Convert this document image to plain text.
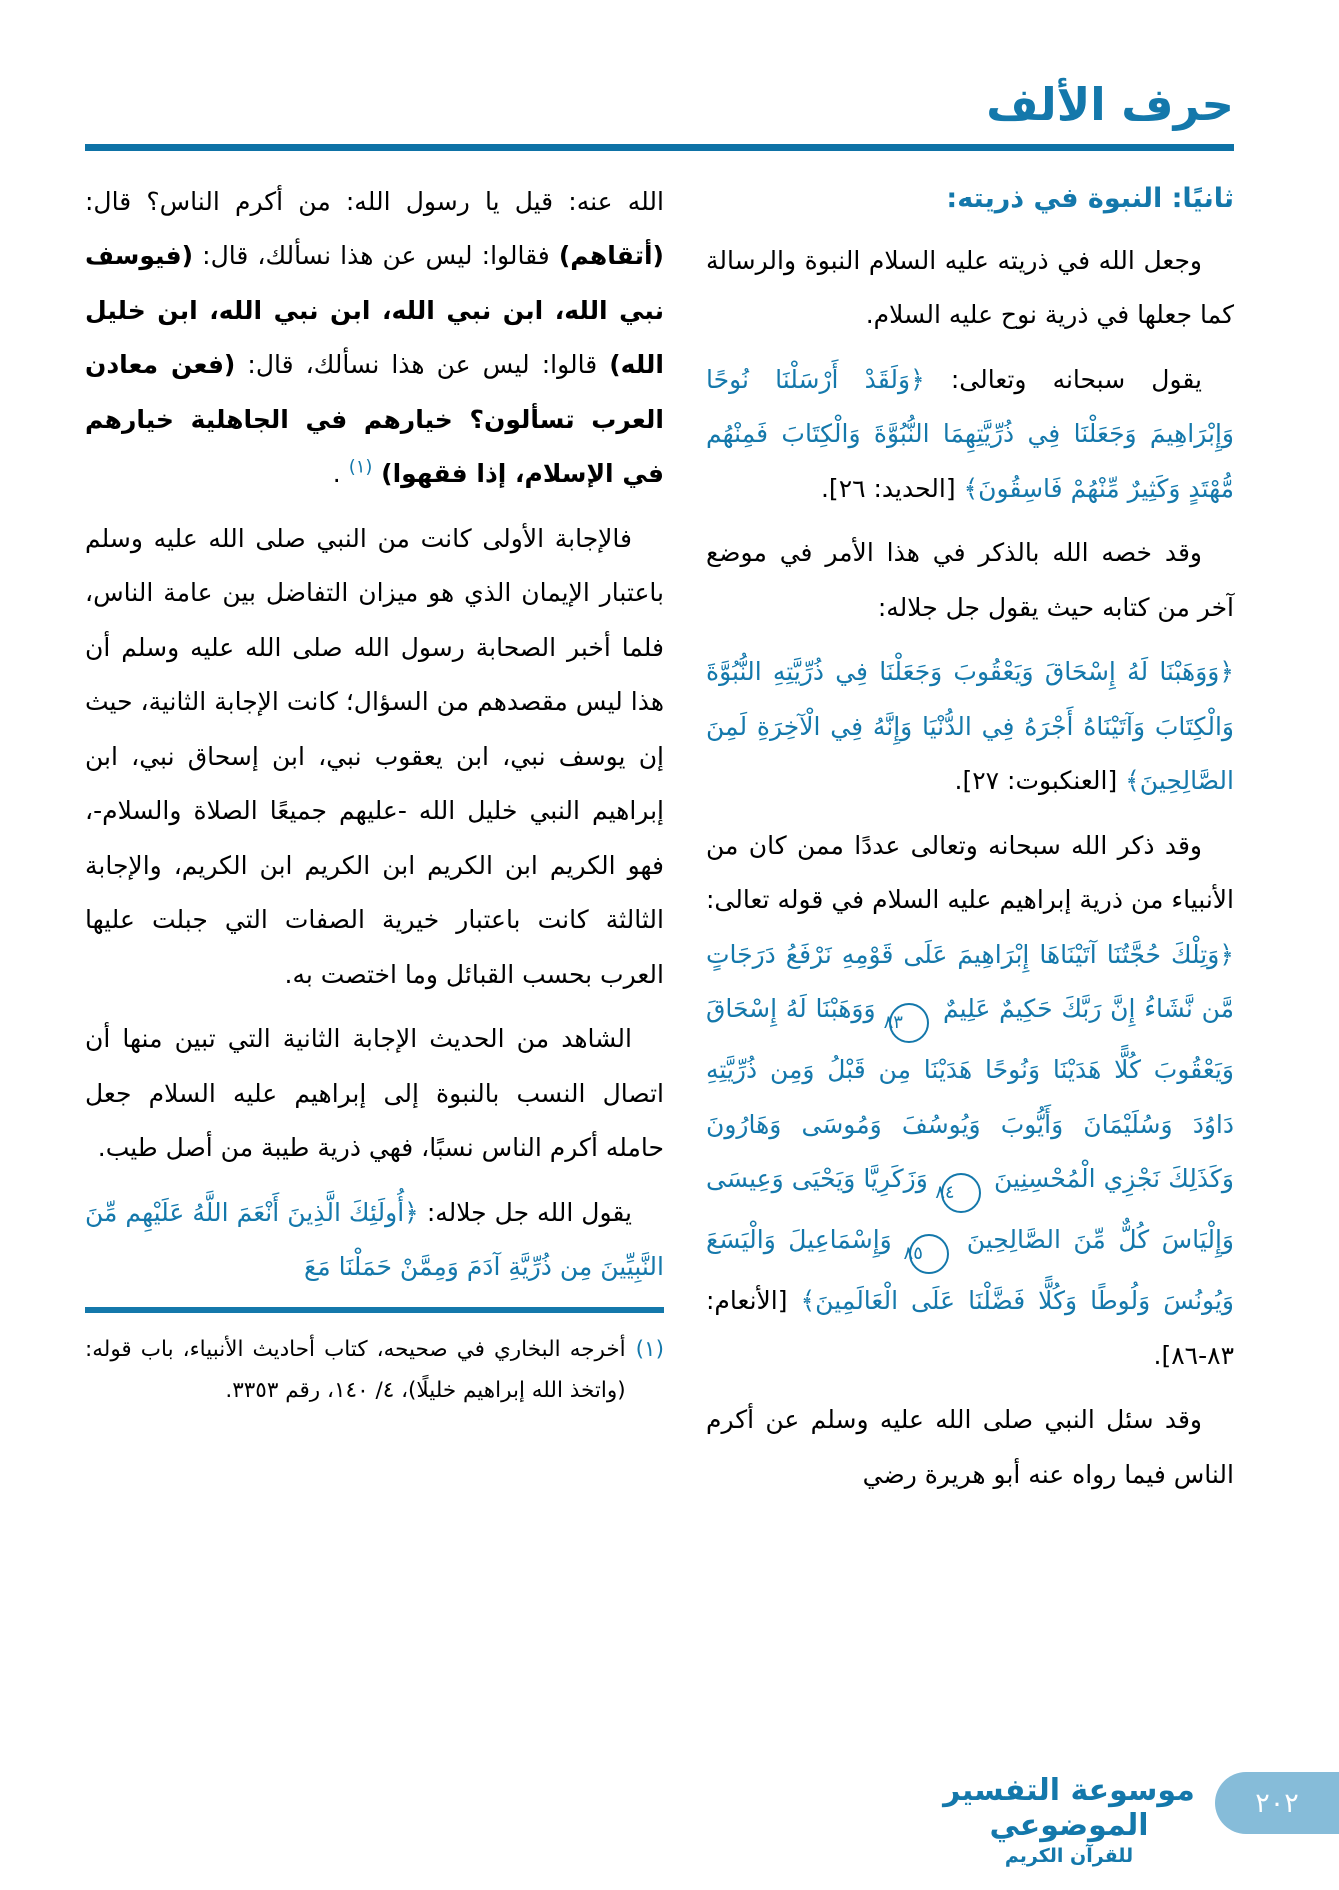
حرف الألف
ثانيًا: النبوة في ذريته:

وجعل الله في ذريته عليه السلام النبوة والرسالة كما جعلها في ذرية نوح عليه السلام.

يقول سبحانه وتعالى: ﴿وَلَقَدْ أَرْسَلْنَا نُوحًا وَإِبْرَاهِيمَ وَجَعَلْنَا فِي ذُرِّيَّتِهِمَا النُّبُوَّةَ وَالْكِتَابَ فَمِنْهُم مُّهْتَدٍ وَكَثِيرٌ مِّنْهُمْ فَاسِقُونَ﴾ [الحديد: ٢٦].

وقد خصه الله بالذكر في هذا الأمر في موضع آخر من كتابه حيث يقول جل جلاله:

﴿وَوَهَبْنَا لَهُ إِسْحَاقَ وَيَعْقُوبَ وَجَعَلْنَا فِي ذُرِّيَّتِهِ النُّبُوَّةَ وَالْكِتَابَ وَآتَيْنَاهُ أَجْرَهُ فِي الدُّنْيَا وَإِنَّهُ فِي الْآخِرَةِ لَمِنَ الصَّالِحِينَ﴾ [العنكبوت: ٢٧].

وقد ذكر الله سبحانه وتعالى عددًا ممن كان من الأنبياء من ذرية إبراهيم عليه السلام في قوله تعالى: ﴿وَتِلْكَ حُجَّتُنَا آتَيْنَاهَا إِبْرَاهِيمَ عَلَى قَوْمِهِ نَرْفَعُ دَرَجَاتٍ مَّن نَّشَاءُ إِنَّ رَبَّكَ حَكِيمٌ عَلِيمٌ ٨٣ وَوَهَبْنَا لَهُ إِسْحَاقَ وَيَعْقُوبَ كُلًّا هَدَيْنَا وَنُوحًا هَدَيْنَا مِن قَبْلُ وَمِن ذُرِّيَّتِهِ دَاوُدَ وَسُلَيْمَانَ وَأَيُّوبَ وَيُوسُفَ وَمُوسَى وَهَارُونَ وَكَذَلِكَ نَجْزِي الْمُحْسِنِينَ ٨٤ وَزَكَرِيَّا وَيَحْيَى وَعِيسَى وَإِلْيَاسَ كُلٌّ مِّنَ الصَّالِحِينَ ٨٥ وَإِسْمَاعِيلَ وَالْيَسَعَ وَيُونُسَ وَلُوطًا وَكُلًّا فَضَّلْنَا عَلَى الْعَالَمِينَ﴾ [الأنعام: ٨٣-٨٦].

وقد سئل النبي صلى الله عليه وسلم عن أكرم الناس فيما رواه عنه أبو هريرة رضي

الله عنه: قيل يا رسول الله: من أكرم الناس؟ قال: (أتقاهم) فقالوا: ليس عن هذا نسألك، قال: (فيوسف نبي الله، ابن نبي الله، ابن نبي الله، ابن خليل الله) قالوا: ليس عن هذا نسألك، قال: (فعن معادن العرب تسألون؟ خيارهم في الجاهلية خيارهم في الإسلام، إذا فقهوا) $^{(١)}$ .

فالإجابة الأولى كانت من النبي صلى الله عليه وسلم باعتبار الإيمان الذي هو ميزان التفاضل بين عامة الناس، فلما أخبر الصحابة رسول الله صلى الله عليه وسلم أن هذا ليس مقصدهم من السؤال؛ كانت الإجابة الثانية، حيث إن يوسف نبي، ابن يعقوب نبي، ابن إسحاق نبي، ابن إبراهيم النبي خليل الله -عليهم جميعًا الصلاة والسلام-، فهو الكريم ابن الكريم ابن الكريم ابن الكريم، والإجابة الثالثة كانت باعتبار خيرية الصفات التي جبلت عليها العرب بحسب القبائل وما اختصت به.

الشاهد من الحديث الإجابة الثانية التي تبين منها أن اتصال النسب بالنبوة إلى إبراهيم عليه السلام جعل حامله أكرم الناس نسبًا، فهي ذرية طيبة من أصل طيب.

يقول الله جل جلاله: ﴿أُولَئِكَ الَّذِينَ أَنْعَمَ اللَّهُ عَلَيْهِم مِّنَ النَّبِيِّينَ مِن ذُرِّيَّةِ آدَمَ وَمِمَّنْ حَمَلْنَا مَعَ

(١)
أخرجه البخاري في صحيحه، كتاب أحاديث الأنبياء، باب قوله: (واتخذ الله إبراهيم خليلًا)، ٤/ ١٤٠، رقم ٣٣٥٣.
موسوعة التفسير الموضوعي
للقرآن الكريم
٢٠٢
